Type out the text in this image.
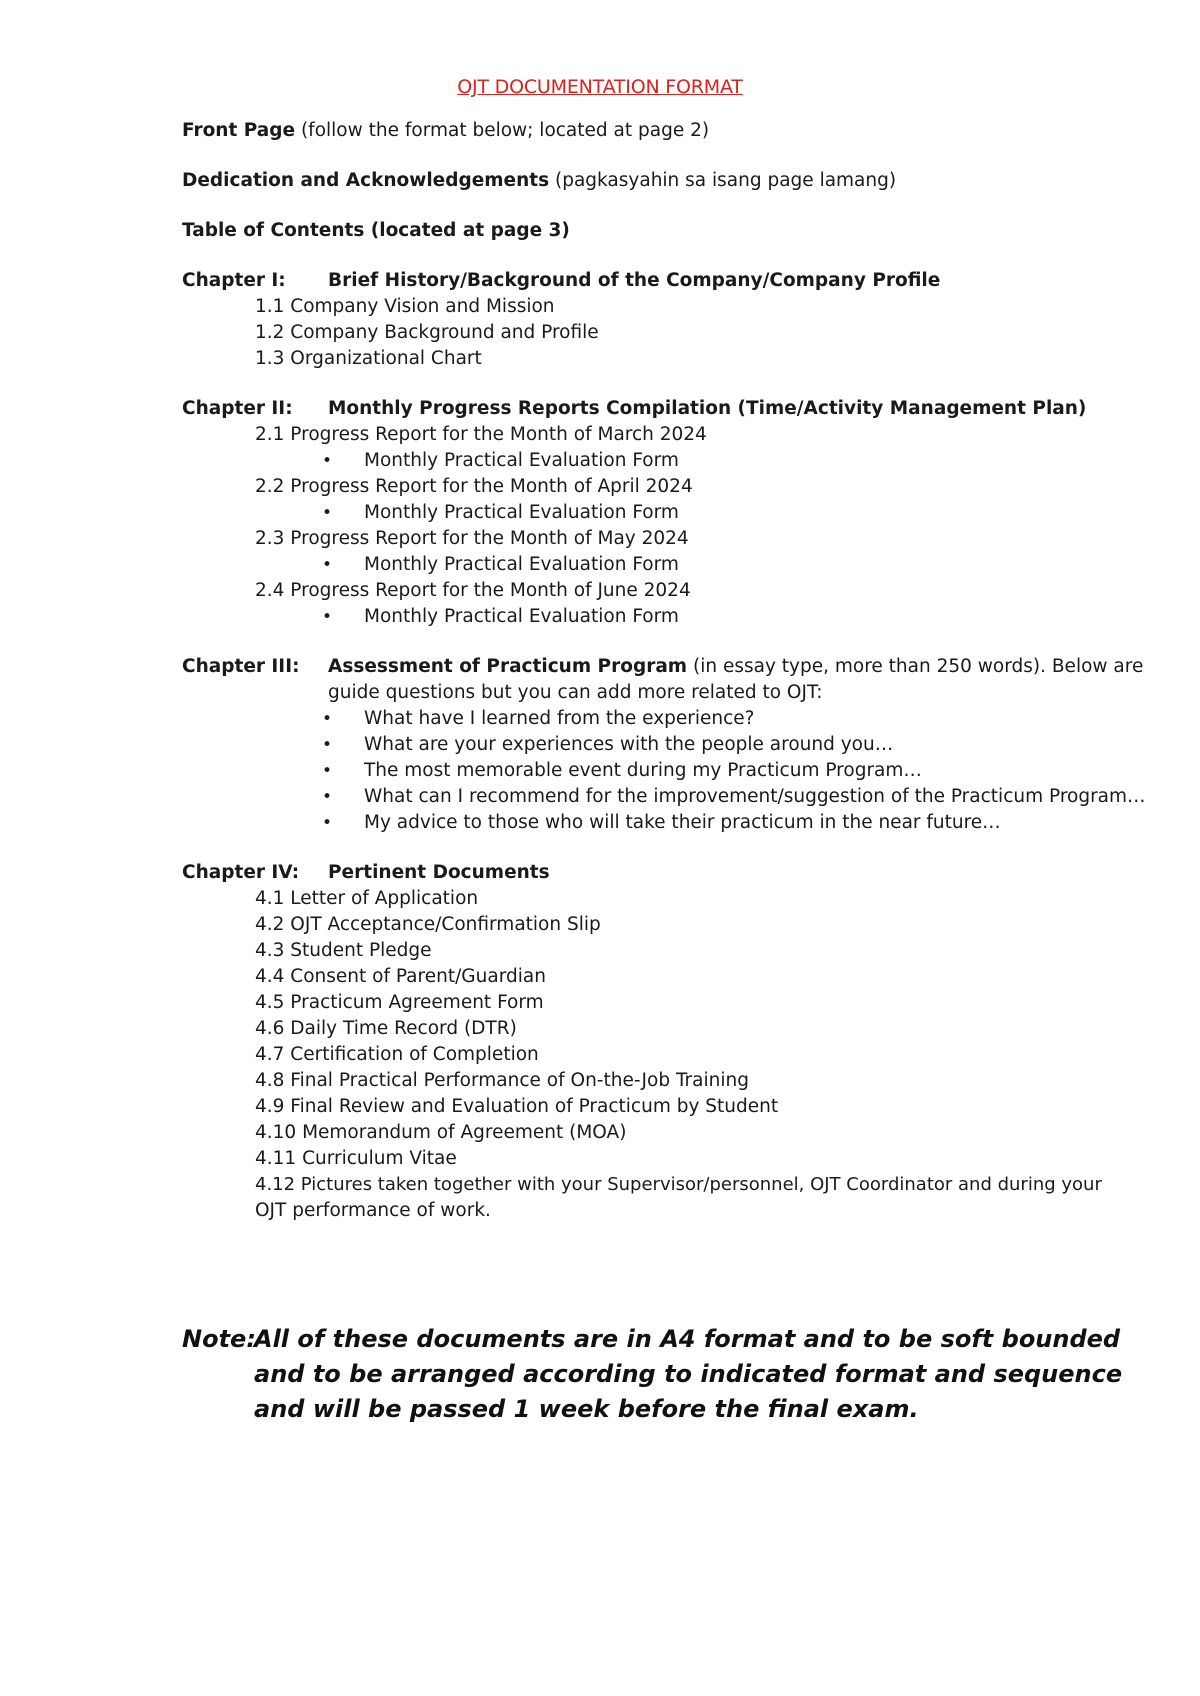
OJT DOCUMENTATION FORMAT
Front Page (follow the format below; located at page 2)
Dedication and Acknowledgements (pagkasyahin sa isang page lamang)
Table of Contents (located at page 3)
Chapter I: Brief History/Background of the Company/Company Profile
1.1 Company Vision and Mission
1.2 Company Background and Profile
1.3 Organizational Chart
Chapter II: Monthly Progress Reports Compilation (Time/Activity Management Plan)
2.1 Progress Report for the Month of March 2024
• Monthly Practical Evaluation Form
2.2 Progress Report for the Month of April 2024
• Monthly Practical Evaluation Form
2.3 Progress Report for the Month of May 2024
• Monthly Practical Evaluation Form
2.4 Progress Report for the Month of June 2024
• Monthly Practical Evaluation Form
Chapter III: Assessment of Practicum Program (in essay type, more than 250 words). Below are
guide questions but you can add more related to OJT:
• What have I learned from the experience?
• What are your experiences with the people around you…
• The most memorable event during my Practicum Program…
• What can I recommend for the improvement/suggestion of the Practicum Program…
• My advice to those who will take their practicum in the near future…
Chapter IV: Pertinent Documents
4.1 Letter of Application
4.2 OJT Acceptance/Confirmation Slip
4.3 Student Pledge
4.4 Consent of Parent/Guardian
4.5 Practicum Agreement Form
4.6 Daily Time Record (DTR)
4.7 Certification of Completion
4.8 Final Practical Performance of On-the-Job Training
4.9 Final Review and Evaluation of Practicum by Student
4.10 Memorandum of Agreement (MOA)
4.11 Curriculum Vitae
4.12 Pictures taken together with your Supervisor/personnel, OJT Coordinator and during your
OJT performance of work.
Note:
All of these documents are in A4 format and to be soft bounded and to be arranged according to indicated format and sequence and will be passed 1 week before the final exam.
